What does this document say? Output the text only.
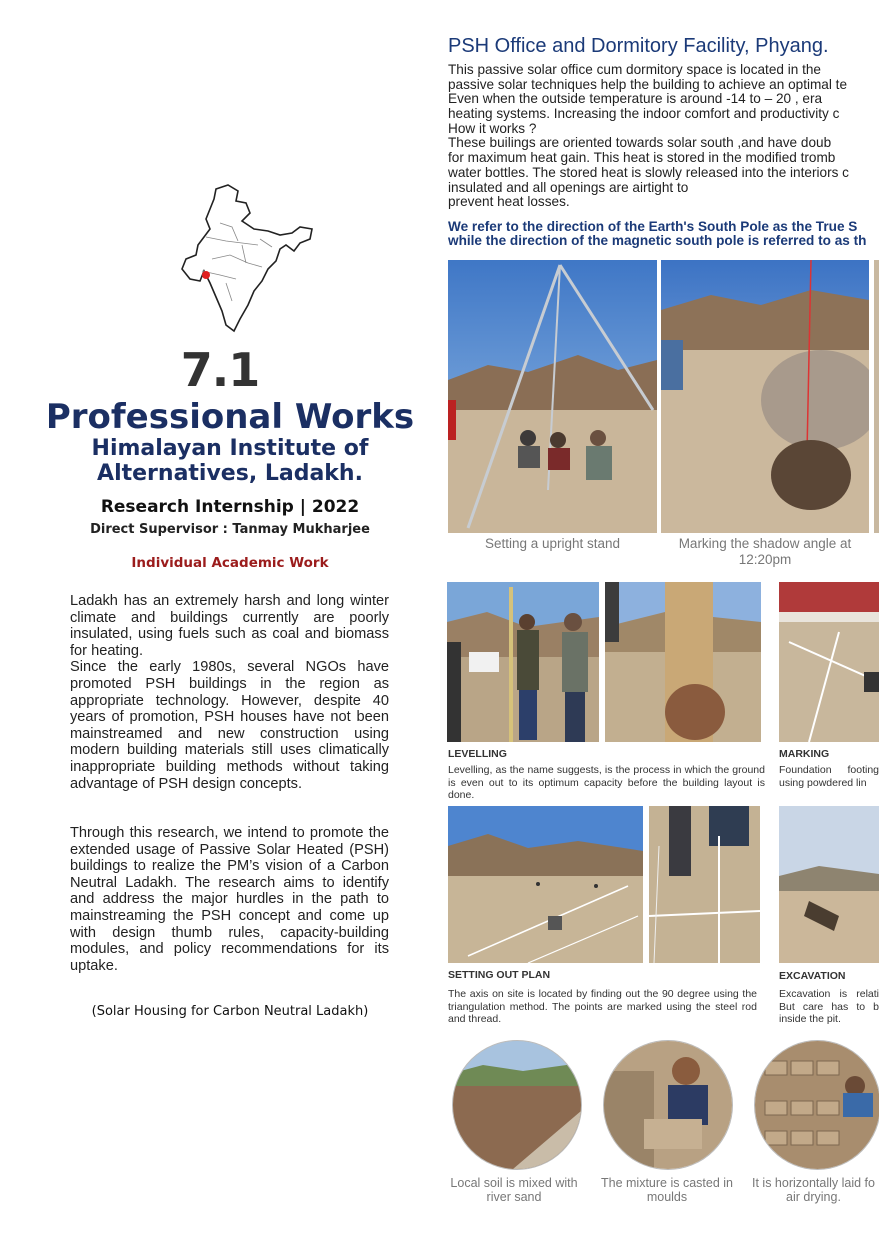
7.1
Professional Works
Himalayan Institute of
Alternatives, Ladakh.
Research Internship | 2022
Direct Supervisor : Tanmay Mukharjee
Individual Academic Work

Ladakh has an extremely harsh and long winter climate and buildings currently are poorly insulated, using fuels such as coal and biomass for heating.

Since the early 1980s, several NGOs have promoted PSH buildings in the region as appropriate technology. However, despite 40 years of promotion, PSH houses have not been mainstreamed and new construction using modern building materials still uses climatically inappropriate building methods without taking advantage of PSH design concepts.

Through this research, we intend to promote the extended usage of Passive Solar Heated (PSH) buildings to realize the PM’s vision of a Carbon Neutral Ladakh. The research aims to identify and address the major hurdles in the path to mainstreaming the PSH concept and come up with design thumb rules, capacity-building modules, and policy recommendations for its uptake.

(Solar Housing for Carbon Neutral Ladakh)
PSH Office and Dormitory Facility, Phyang.
This passive solar office cum dormitory space is located in the
passive solar techniques help the building to achieve an optimal te
Even when the outside temperature is around -14 to – 20 , era
heating systems. Increasing the indoor comfort and productivity c
How it works ?
These builings are oriented towards solar south ,and have doub
for maximum heat gain. This heat is stored in the modified tromb
water bottles. The stored heat is slowly released into the interiors c
insulated and all openings are airtight to
prevent heat losses.
We refer to the direction of the Earth's South Pole as the True S
while the direction of the magnetic south pole is referred to as th
Setting a upright stand	Marking the shadow angle at 12:20pm
LEVELLING
Levelling, as the name suggests, is the process in which the ground is even out to its optimum capacity before the building layout is done.
MARKING
Foundation footing using powdered lin
SETTING OUT PLAN
The axis on site is located by finding out the 90 degree using the triangulation method. The points are marked using the steel rod and thread.
EXCAVATION
Excavation is relati But care has to b inside the pit.
Local soil is mixed with river sand
The mixture is casted in moulds
It is horizontally laid fo air drying.
